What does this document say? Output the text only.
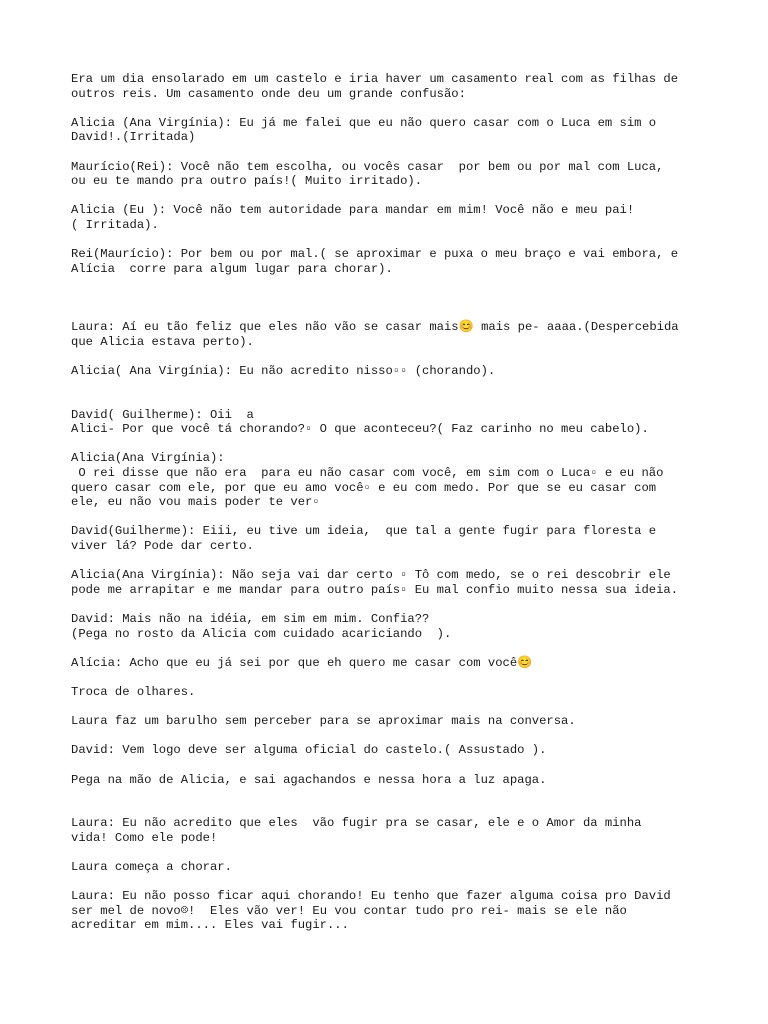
Era um dia ensolarado em um castelo e iria haver um casamento real com as filhas de
outros reis. Um casamento onde deu um grande confusão:

Alicia (Ana Virgínia): Eu já me falei que eu não quero casar com o Luca em sim o
David!.(Irritada)

Maurício(Rei): Você não tem escolha, ou vocês casar  por bem ou por mal com Luca,
ou eu te mando pra outro país!( Muito irritado).

Alicia (Eu ): Você não tem autoridade para mandar em mim! Você não e meu pai!
( Irritada).

Rei(Maurício): Por bem ou por mal.( se aproximar e puxa o meu braço e vai embora, e
Alícia  corre para algum lugar para chorar).

Laura: Aí eu tão feliz que eles não vão se casar mais😊 mais pe- aaaa.(Despercebida
que Alicia estava perto).

Alicia( Ana Virgínia): Eu não acredito nisso▫▫ (chorando).

David( Guilherme): Oii  a
Alici- Por que você tá chorando?▫ O que aconteceu?( Faz carinho no meu cabelo).

Alicia(Ana Virgínia):
O rei disse que não era  para eu não casar com você, em sim com o Luca▫ e eu não
quero casar com ele, por que eu amo você▫ e eu com medo. Por que se eu casar com
ele, eu não vou mais poder te ver▫

David(Guilherme): Eiii, eu tive um ideia,  que tal a gente fugir para floresta e
viver lá? Pode dar certo.

Alicia(Ana Virgínia): Não seja vai dar certo ▫ Tô com medo, se o rei descobrir ele
pode me arrapitar e me mandar para outro país▫ Eu mal confio muito nessa sua ideia.

David: Mais não na idéia, em sim em mim. Confia??
(Pega no rosto da Alicia com cuidado acariciando  ).

Alícia: Acho que eu já sei por que eh quero me casar com você😊

Troca de olhares.

Laura faz um barulho sem perceber para se aproximar mais na conversa.

David: Vem logo deve ser alguma oficial do castelo.( Assustado ).

Pega na mão de Alicia, e sai agachandos e nessa hora a luz apaga.

Laura: Eu não acredito que eles  vão fugir pra se casar, ele e o Amor da minha
vida! Como ele pode!

Laura começa a chorar.

Laura: Eu não posso ficar aqui chorando! Eu tenho que fazer alguma coisa pro David
ser mel de novo☹!  Eles vão ver! Eu vou contar tudo pro rei- mais se ele não
acreditar em mim.... Eles vai fugir...
